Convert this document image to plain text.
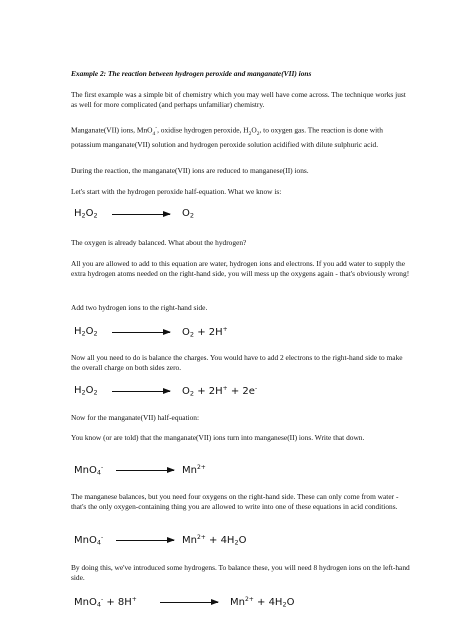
Example 2: The reaction between hydrogen peroxide and manganate(VII) ions

The first example was a simple bit of chemistry which you may well have come across. The technique works just as well for more complicated (and perhaps unfamiliar) chemistry.

Manganate(VII) ions, MnO$_4$-, oxidise hydrogen peroxide, $H_2O_2$, to oxygen gas. The reaction is done with potassium manganate(VII) solution and hydrogen peroxide solution acidified with dilute sulphuric acid.

During the reaction, the manganate(VII) ions are reduced to manganese(II) ions.

Let's start with the hydrogen peroxide half-equation. What we know is:

$H_2O_2$	$O_2$

The oxygen is already balanced. What about the hydrogen?

All you are allowed to add to this equation are water, hydrogen ions and electrons. If you add water to supply the extra hydrogen atoms needed on the right-hand side, you will mess up the oxygens again - that's obviously wrong!

Add two hydrogen ions to the right-hand side.

$H_2O_2$	$O_2 + 2H^+$

Now all you need to do is balance the charges. You would have to add 2 electrons to the right-hand side to make the overall charge on both sides zero.

$H_2O_2$	$O_2 + 2H^+ + 2e^-$

Now for the manganate(VII) half-equation:

You know (or are told) that the manganate(VII) ions turn into manganese(II) ions. Write that down.

MnO$_4$-	$Mn^{2+}$

The manganese balances, but you need four oxygens on the right-hand side. These can only come from water - that's the only oxygen-containing thing you are allowed to write into one of these equations in acid conditions.

MnO$_4$-	$Mn^{2+} + 4H_2O$

By doing this, we've introduced some hydrogens. To balance these, you will need 8 hydrogen ions on the left-hand side.

MnO$_4$- + 8H+	$Mn^{2+} + 4H_2O$
